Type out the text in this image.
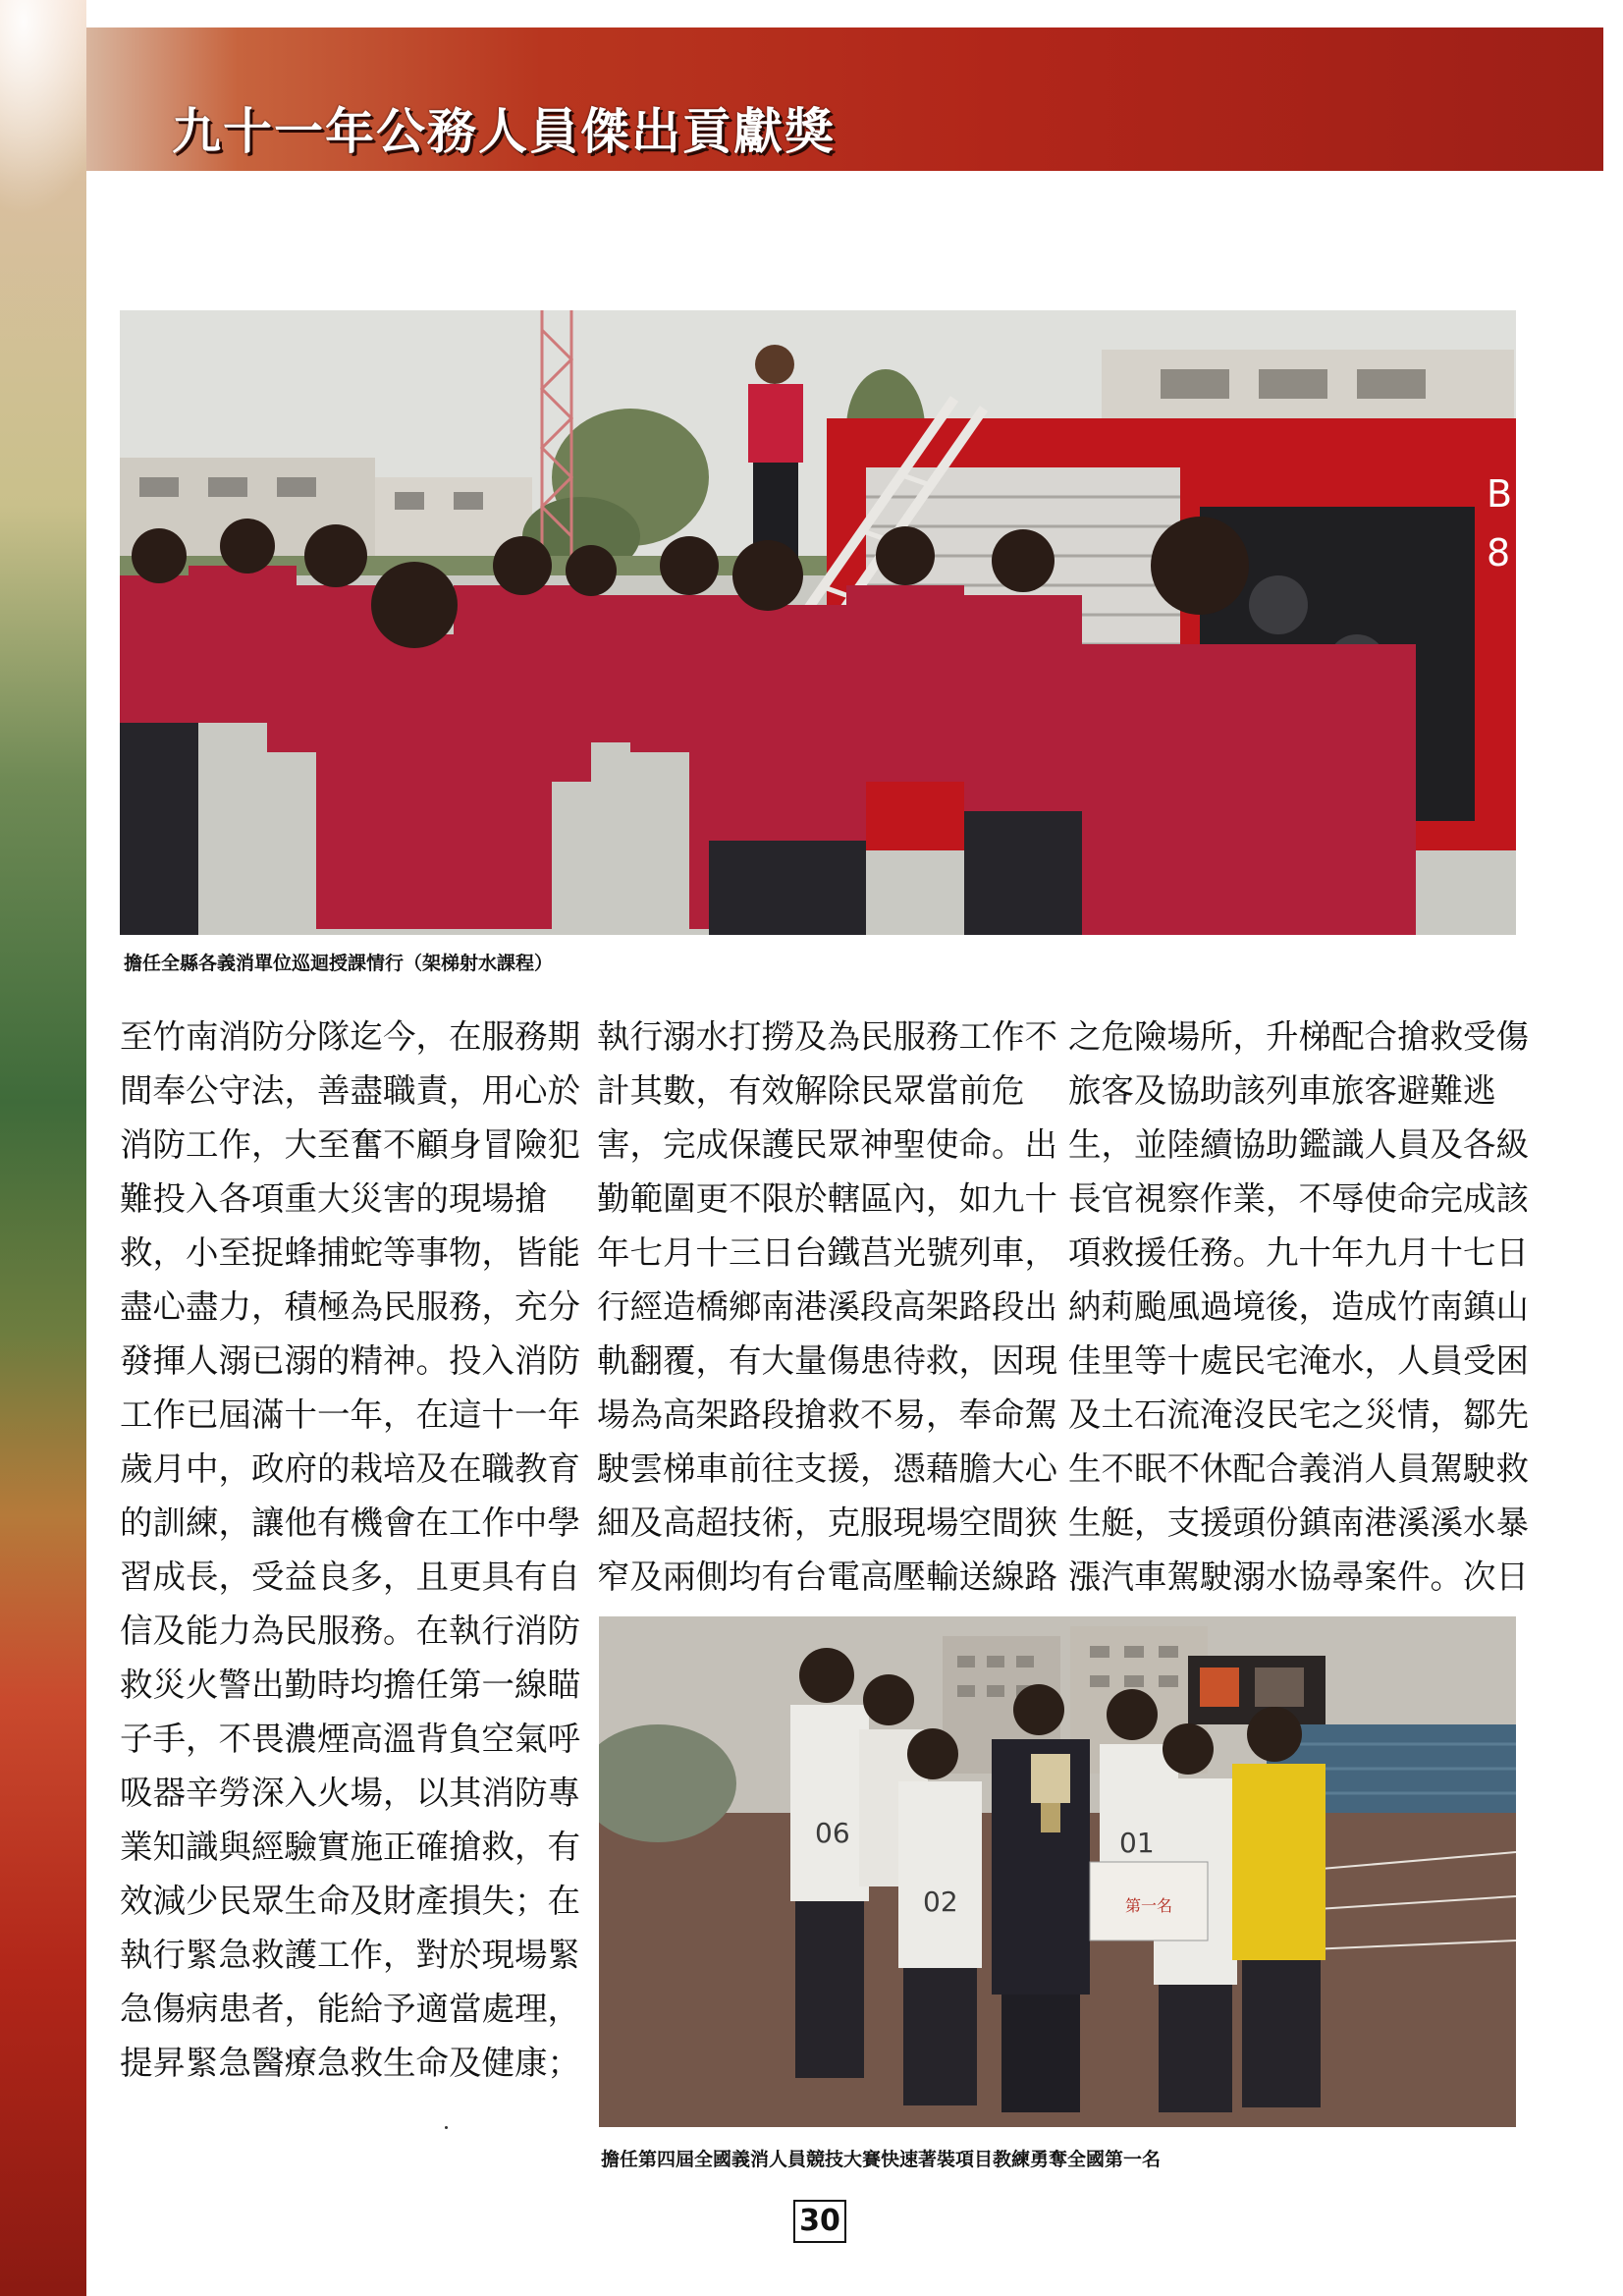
九十一年公務人員傑出貢獻獎
B
8
擔任全縣各義消單位巡迴授課情行（架梯射水課程）
至竹南消防分隊迄今，在服務期
間奉公守法，善盡職責，用心於
消防工作，大至奮不顧身冒險犯
難投入各項重大災害的現場搶
救，小至捉蜂捕蛇等事物，皆能
盡心盡力，積極為民服務，充分
發揮人溺已溺的精神。投入消防
工作已屆滿十一年，在這十一年
歲月中，政府的栽培及在職教育
的訓練，讓他有機會在工作中學
習成長，受益良多，且更具有自
信及能力為民服務。在執行消防
救災火警出勤時均擔任第一線瞄
子手，不畏濃煙高溫背負空氣呼
吸器辛勞深入火場，以其消防專
業知識與經驗實施正確搶救，有
效減少民眾生命及財產損失；在
執行緊急救護工作，對於現場緊
急傷病患者，能給予適當處理，
提昇緊急醫療急救生命及健康；
執行溺水打撈及為民服務工作不
計其數，有效解除民眾當前危
害，完成保護民眾神聖使命。出
勤範圍更不限於轄區內，如九十
年七月十三日台鐵莒光號列車，
行經造橋鄉南港溪段高架路段出
軌翻覆，有大量傷患待救，因現
場為高架路段搶救不易，奉命駕
駛雲梯車前往支援，憑藉膽大心
細及高超技術，克服現場空間狹
窄及兩側均有台電高壓輸送線路
之危險場所，升梯配合搶救受傷
旅客及協助該列車旅客避難逃
生，並陸續協助鑑識人員及各級
長官視察作業，不辱使命完成該
項救援任務。九十年九月十七日
納莉颱風過境後，造成竹南鎮山
佳里等十處民宅淹水，人員受困
及土石流淹沒民宅之災情，鄒先
生不眠不休配合義消人員駕駛救
生艇，支援頭份鎮南港溪溪水暴
漲汽車駕駛溺水協尋案件。次日
第一名
06
02
01
擔任第四屆全國義消人員競技大賽快速著裝項目教練勇奪全國第一名
30
